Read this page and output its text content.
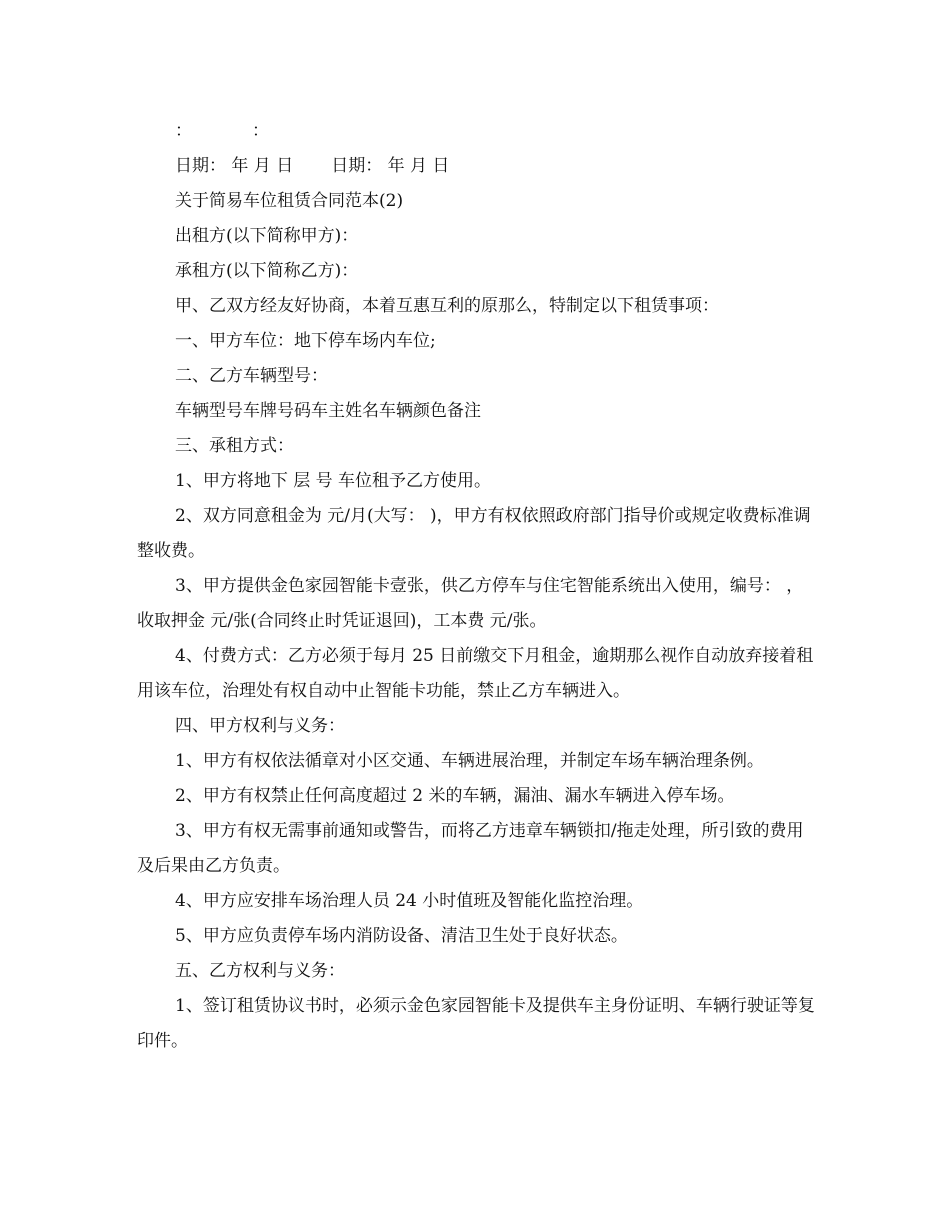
：	：
日期： 年 月 日 日期： 年 月 日
关于简易车位租赁合同范本(2)
出租方(以下简称甲方)：
承租方(以下简称乙方)：
甲、乙双方经友好协商，本着互惠互利的原那么，特制定以下租赁事项：
一、甲方车位：地下停车场内车位;
二、乙方车辆型号：
车辆型号车牌号码车主姓名车辆颜色备注
三、承租方式：
1、甲方将地下 层 号 车位租予乙方使用。

2、双方同意租金为 元/月(大写： )，甲方有权依照政府部门指导价或规定收费标准调整收费。

3、甲方提供金色家园智能卡壹张，供乙方停车与住宅智能系统出入使用，编号： ，收取押金 元/张(合同终止时凭证退回)，工本费 元/张。

4、付费方式：乙方必须于每月 25 日前缴交下月租金，逾期那么视作自动放弃接着租用该车位，治理处有权自动中止智能卡功能，禁止乙方车辆进入。

四、甲方权利与义务：

1、甲方有权依法循章对小区交通、车辆进展治理，并制定车场车辆治理条例。

2、甲方有权禁止任何高度超过 2 米的车辆，漏油、漏水车辆进入停车场。

3、甲方有权无需事前通知或警告，而将乙方违章车辆锁扣/拖走处理，所引致的费用及后果由乙方负责。

4、甲方应安排车场治理人员 24 小时值班及智能化监控治理。

5、甲方应负责停车场内消防设备、清洁卫生处于良好状态。

五、乙方权利与义务：

1、签订租赁协议书时，必须示金色家园智能卡及提供车主身份证明、车辆行驶证等复印件。
